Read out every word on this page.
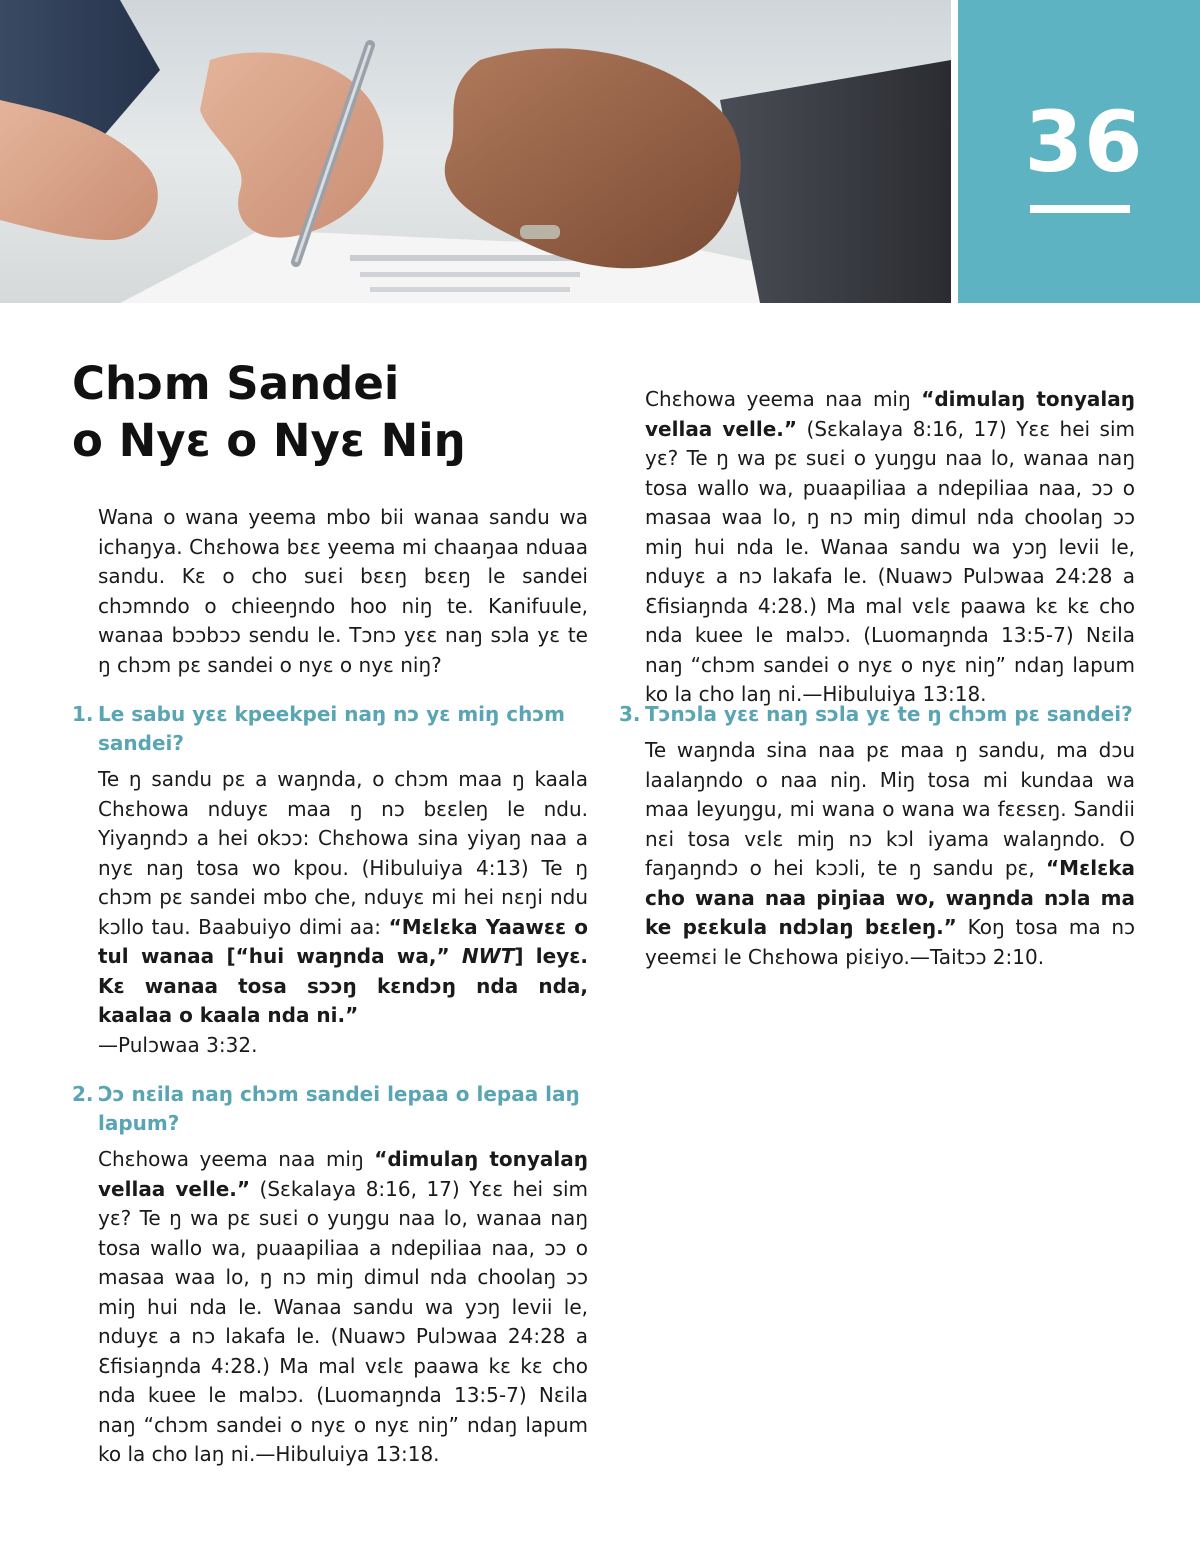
36
Chɔm Sandei
o Nyɛ o Nyɛ Niŋ

Wana o wana yeema mbo bii wanaa sandu wa ichaŋya. Chɛhowa bɛɛ yeema mi chaaŋaa nduaa sandu. Kɛ o cho suɛi bɛɛŋ bɛɛŋ le sandei chɔmndo o chieeŋndo hoo niŋ te. Kanifuule, wanaa bɔɔbɔɔ sendu le. Tɔnɔ yɛɛ naŋ sɔla yɛ te ŋ chɔm pɛ sandei o nyɛ o nyɛ niŋ?

1. Le sabu yɛɛ kpeekpei naŋ nɔ yɛ miŋ chɔm sandei?

Te ŋ sandu pɛ a waŋnda, o chɔm maa ŋ kaala Chɛhowa nduyɛ maa ŋ nɔ bɛɛleŋ le ndu. Yiyaŋndɔ a hei okɔɔ: Chɛhowa sina yiyaŋ naa a nyɛ naŋ tosa wo kpou. (Hibuluiya 4:13) Te ŋ chɔm pɛ sandei mbo che, nduyɛ mi hei nɛŋi ndu kɔllo tau. Baabuiyo dimi aa: “Mɛlɛka Yaawɛɛ o tul wanaa [“hui waŋnda wa,” NWT] leyɛ. Kɛ wanaa tosa sɔɔŋ kɛndɔŋ nda nda, kaalaa o kaala nda ni.”
—Pulɔwaa 3:32.

2. Ɔɔ nɛila naŋ chɔm sandei lepaa o lepaa laŋ lapum?

Chɛhowa yeema naa miŋ “dimulaŋ tonyalaŋ vellaa velle.” (Sɛkalaya 8:16, 17) Yɛɛ hei sim yɛ? Te ŋ wa pɛ suɛi o yuŋgu naa lo, wanaa naŋ tosa wallo wa, puaapiliaa a ndepiliaa naa, ɔɔ o masaa waa lo, ŋ nɔ miŋ dimul nda choolaŋ ɔɔ miŋ hui nda le. Wanaa sandu wa yɔŋ levii le, nduyɛ a nɔ lakafa le. (Nuawɔ Pulɔwaa 24:28 a Ɛfisiaŋnda 4:28.) Ma mal vɛlɛ paawa kɛ kɛ cho nda kuee le malɔɔ. (Luomaŋnda 13:5-7) Nɛila naŋ “chɔm sandei o nyɛ o nyɛ niŋ” ndaŋ lapum ko la cho laŋ ni.—Hibuluiya 13:18.

Chɛhowa yeema naa miŋ “dimulaŋ tonyalaŋ vellaa velle.” (Sɛkalaya 8:16, 17) Yɛɛ hei sim yɛ? Te ŋ wa pɛ suɛi o yuŋgu naa lo, wanaa naŋ tosa wallo wa, puaapiliaa a ndepiliaa naa, ɔɔ o masaa waa lo, ŋ nɔ miŋ dimul nda choolaŋ ɔɔ miŋ hui nda le. Wanaa sandu wa yɔŋ levii le, nduyɛ a nɔ lakafa le. (Nuawɔ Pulɔwaa 24:28 a Ɛfisiaŋnda 4:28.) Ma mal vɛlɛ paawa kɛ kɛ cho nda kuee le malɔɔ. (Luomaŋnda 13:5-7) Nɛila naŋ “chɔm sandei o nyɛ o nyɛ niŋ” ndaŋ lapum ko la cho laŋ ni.—Hibuluiya 13:18.

3. Tɔnɔla yɛɛ naŋ sɔla yɛ te ŋ chɔm pɛ sandei?

Te waŋnda sina naa pɛ maa ŋ sandu, ma dɔu laalaŋndo o naa niŋ. Miŋ tosa mi kundaa wa maa leyuŋgu, mi wana o wana wa fɛɛsɛŋ. Sandii nɛi tosa vɛlɛ miŋ nɔ kɔl iyama walaŋndo. O faŋaŋndɔ o hei kɔɔli, te ŋ sandu pɛ, “Mɛlɛka cho wana naa piŋiaa wo, waŋnda nɔla ma ke pɛɛkula ndɔlaŋ bɛɛleŋ.” Koŋ tosa ma nɔ yeemɛi le Chɛhowa piɛiyo.—Taitɔɔ 2:10.
